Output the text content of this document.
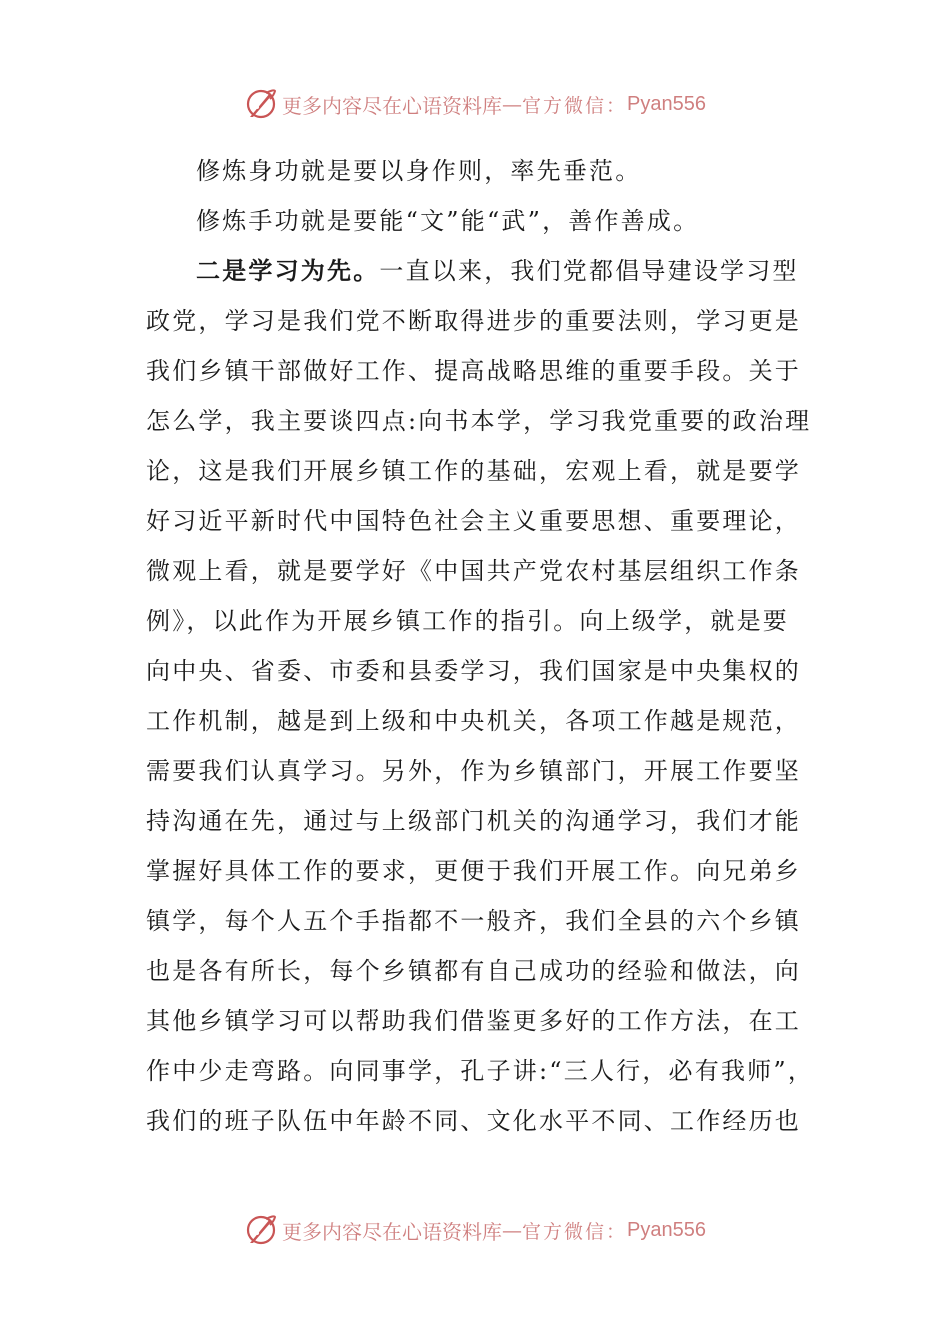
更多内容尽在心语资料库 — 官方微信： Pyan556
修炼身功就是要以身作则，率先垂范。
修炼手功就是要能“文”能“武”，善作善成。
二是学习为先。一直以来，我们党都倡导建设学习型
政党，学习是我们党不断取得进步的重要法则，学习更是
我们乡镇干部做好工作、提高战略思维的重要手段。关于
怎么学，我主要谈四点:向书本学，学习我党重要的政治理
论，这是我们开展乡镇工作的基础，宏观上看，就是要学
好习近平新时代中国特色社会主义重要思想、重要理论，
微观上看，就是要学好《中国共产党农村基层组织工作条
例》，以此作为开展乡镇工作的指引。向上级学，就是要
向中央、省委、市委和县委学习，我们国家是中央集权的
工作机制，越是到上级和中央机关，各项工作越是规范，
需要我们认真学习。另外，作为乡镇部门，开展工作要坚
持沟通在先，通过与上级部门机关的沟通学习，我们才能
掌握好具体工作的要求，更便于我们开展工作。向兄弟乡
镇学，每个人五个手指都不一般齐，我们全县的六个乡镇
也是各有所长，每个乡镇都有自己成功的经验和做法，向
其他乡镇学习可以帮助我们借鉴更多好的工作方法，在工
作中少走弯路。向同事学，孔子讲:“三人行，必有我师”，
我们的班子队伍中年龄不同、文化水平不同、工作经历也
更多内容尽在心语资料库 — 官方微信： Pyan556
